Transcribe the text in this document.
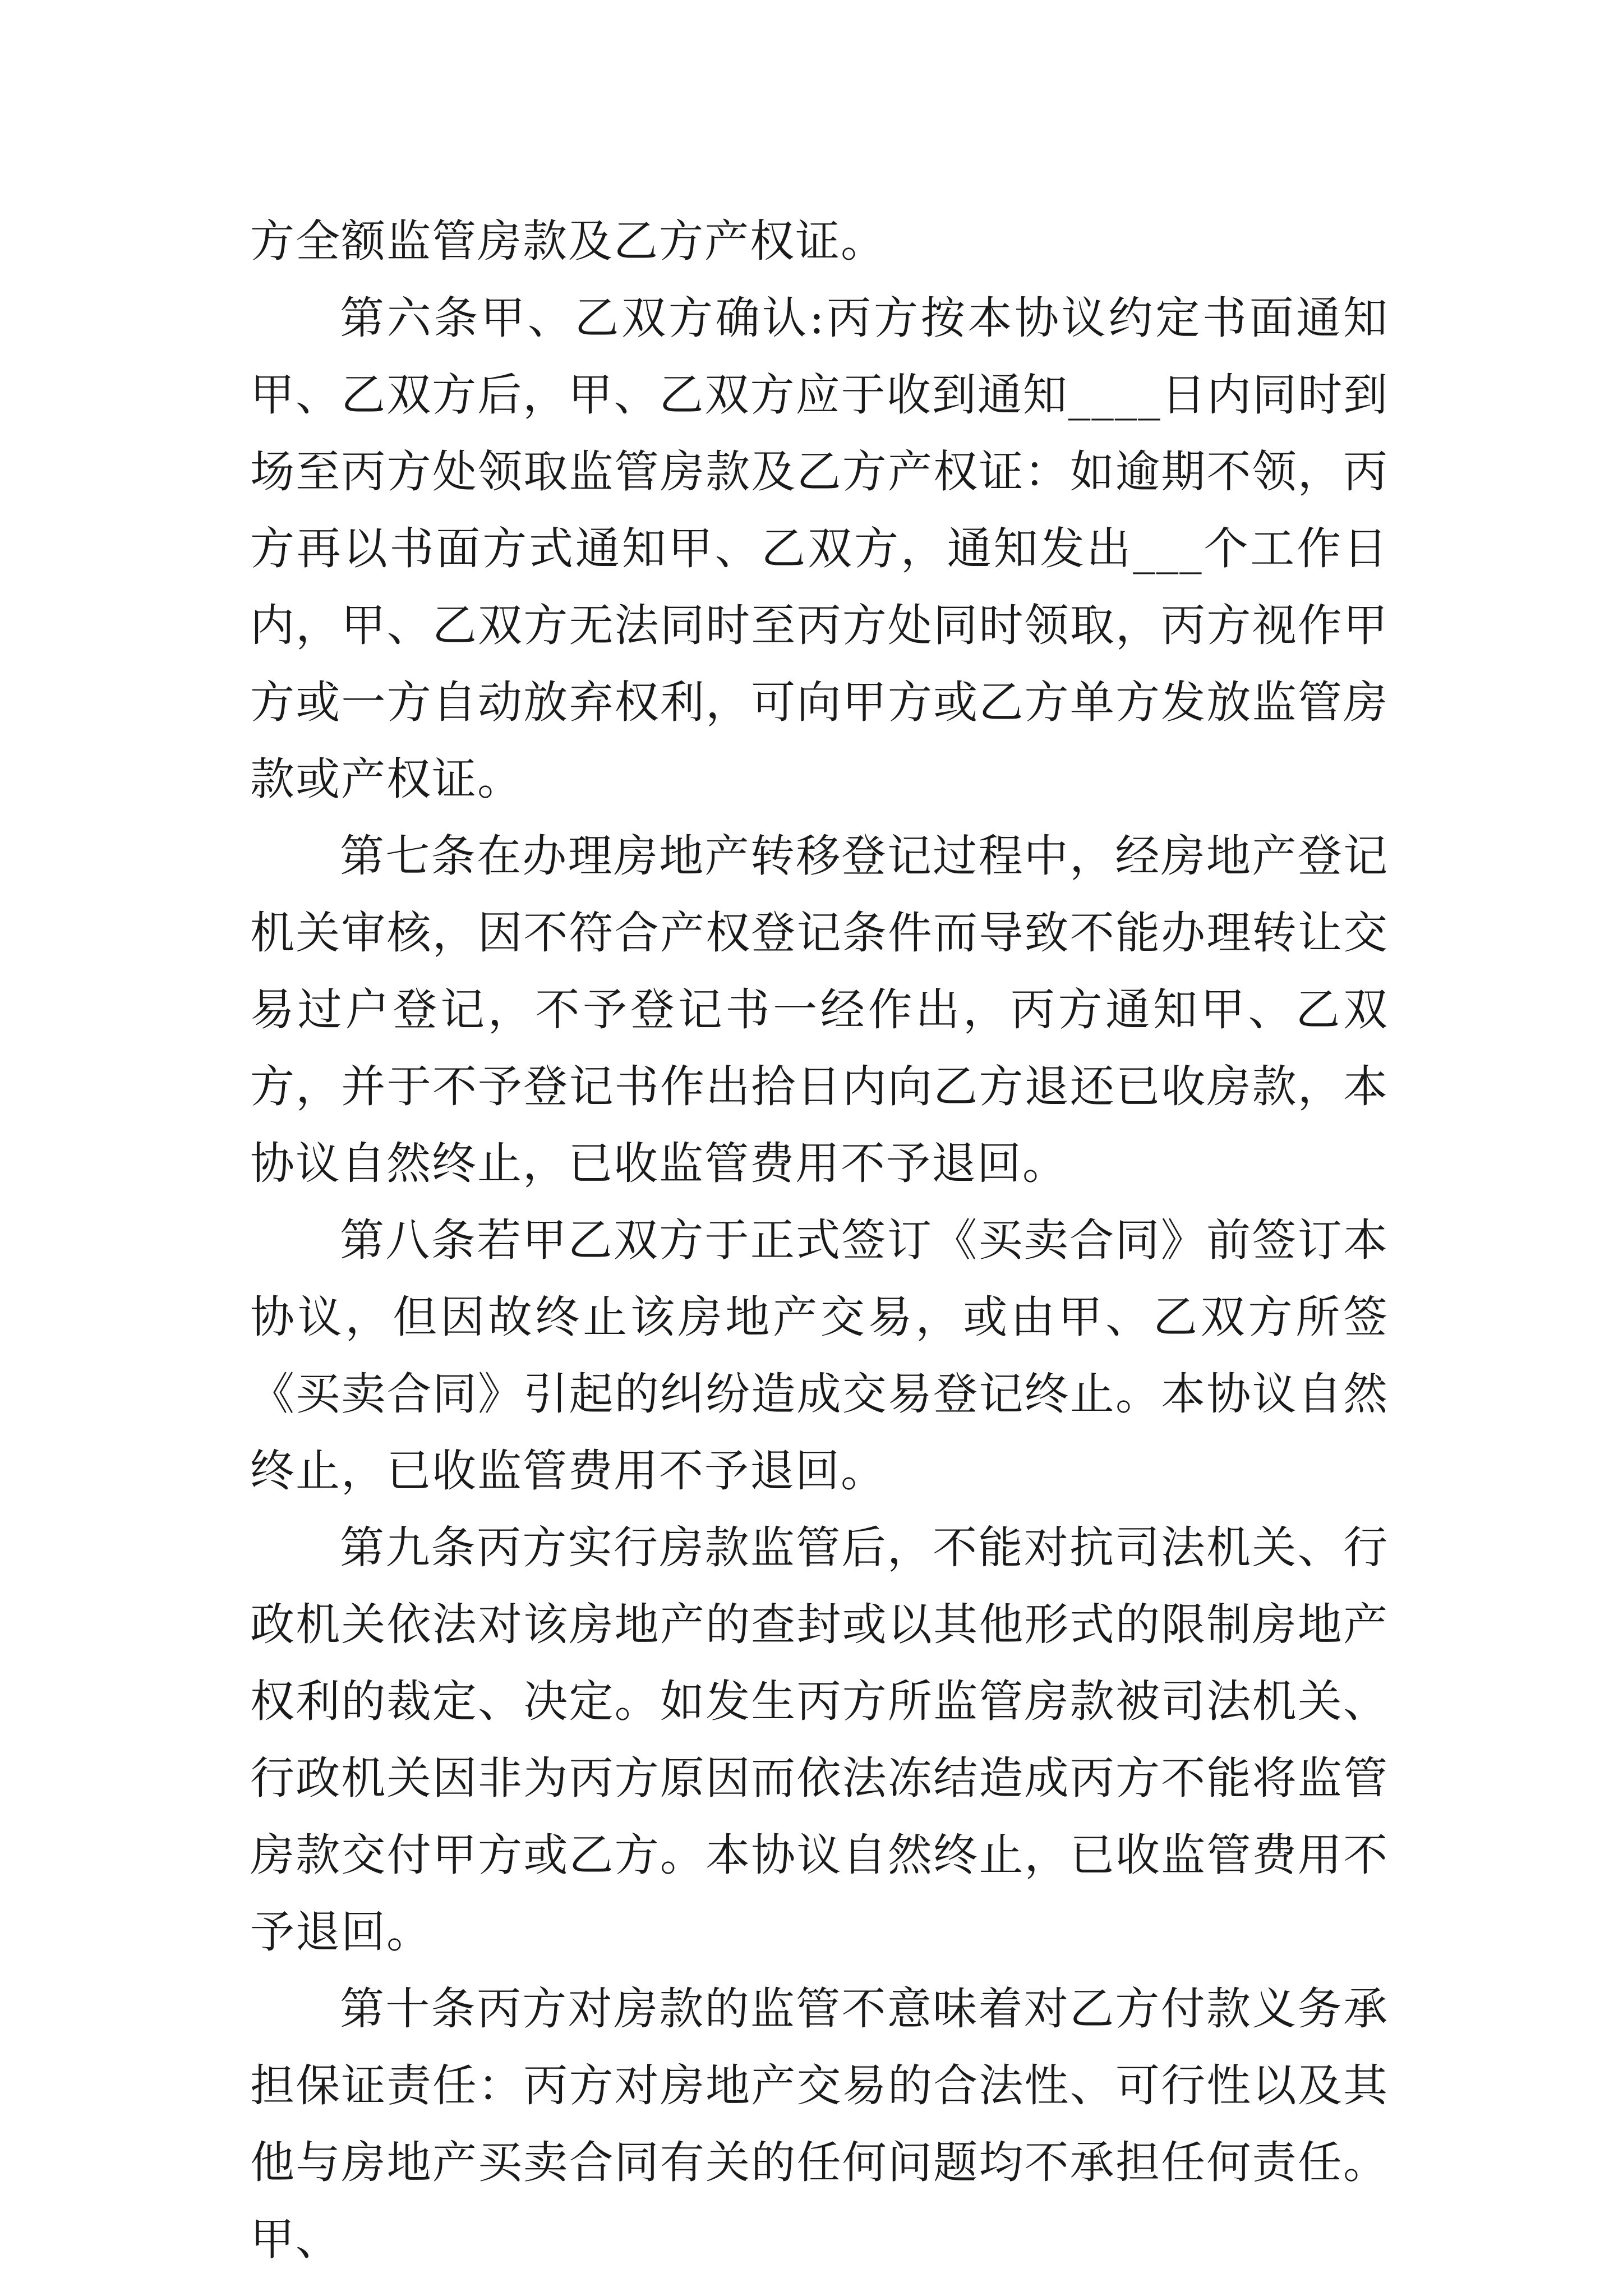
方全额监管房款及乙方产权证。

第六条甲、乙双方确认:丙方按本协议约定书面通知甲、乙双方后，甲、乙双方应于收到通知____日内同时到场至丙方处领取监管房款及乙方产权证：如逾期不领，丙方再以书面方式通知甲、乙双方，通知发出___个工作日内，甲、乙双方无法同时至丙方处同时领取，丙方视作甲方或一方自动放弃权利，可向甲方或乙方单方发放监管房款或产权证。

第七条在办理房地产转移登记过程中，经房地产登记机关审核，因不符合产权登记条件而导致不能办理转让交易过户登记，不予登记书一经作出，丙方通知甲、乙双方，并于不予登记书作出拾日内向乙方退还已收房款，本协议自然终止，已收监管费用不予退回。

第八条若甲乙双方于正式签订《买卖合同》前签订本协议，但因故终止该房地产交易，或由甲、乙双方所签《买卖合同》引起的纠纷造成交易登记终止。本协议自然终止，已收监管费用不予退回。

第九条丙方实行房款监管后，不能对抗司法机关、行政机关依法对该房地产的查封或以其他形式的限制房地产权利的裁定、决定。如发生丙方所监管房款被司法机关、行政机关因非为丙方原因而依法冻结造成丙方不能将监管房款交付甲方或乙方。本协议自然终止，已收监管费用不予退回。

第十条丙方对房款的监管不意味着对乙方付款义务承担保证责任：丙方对房地产交易的合法性、可行性以及其他与房地产买卖合同有关的任何问题均不承担任何责任。甲、
